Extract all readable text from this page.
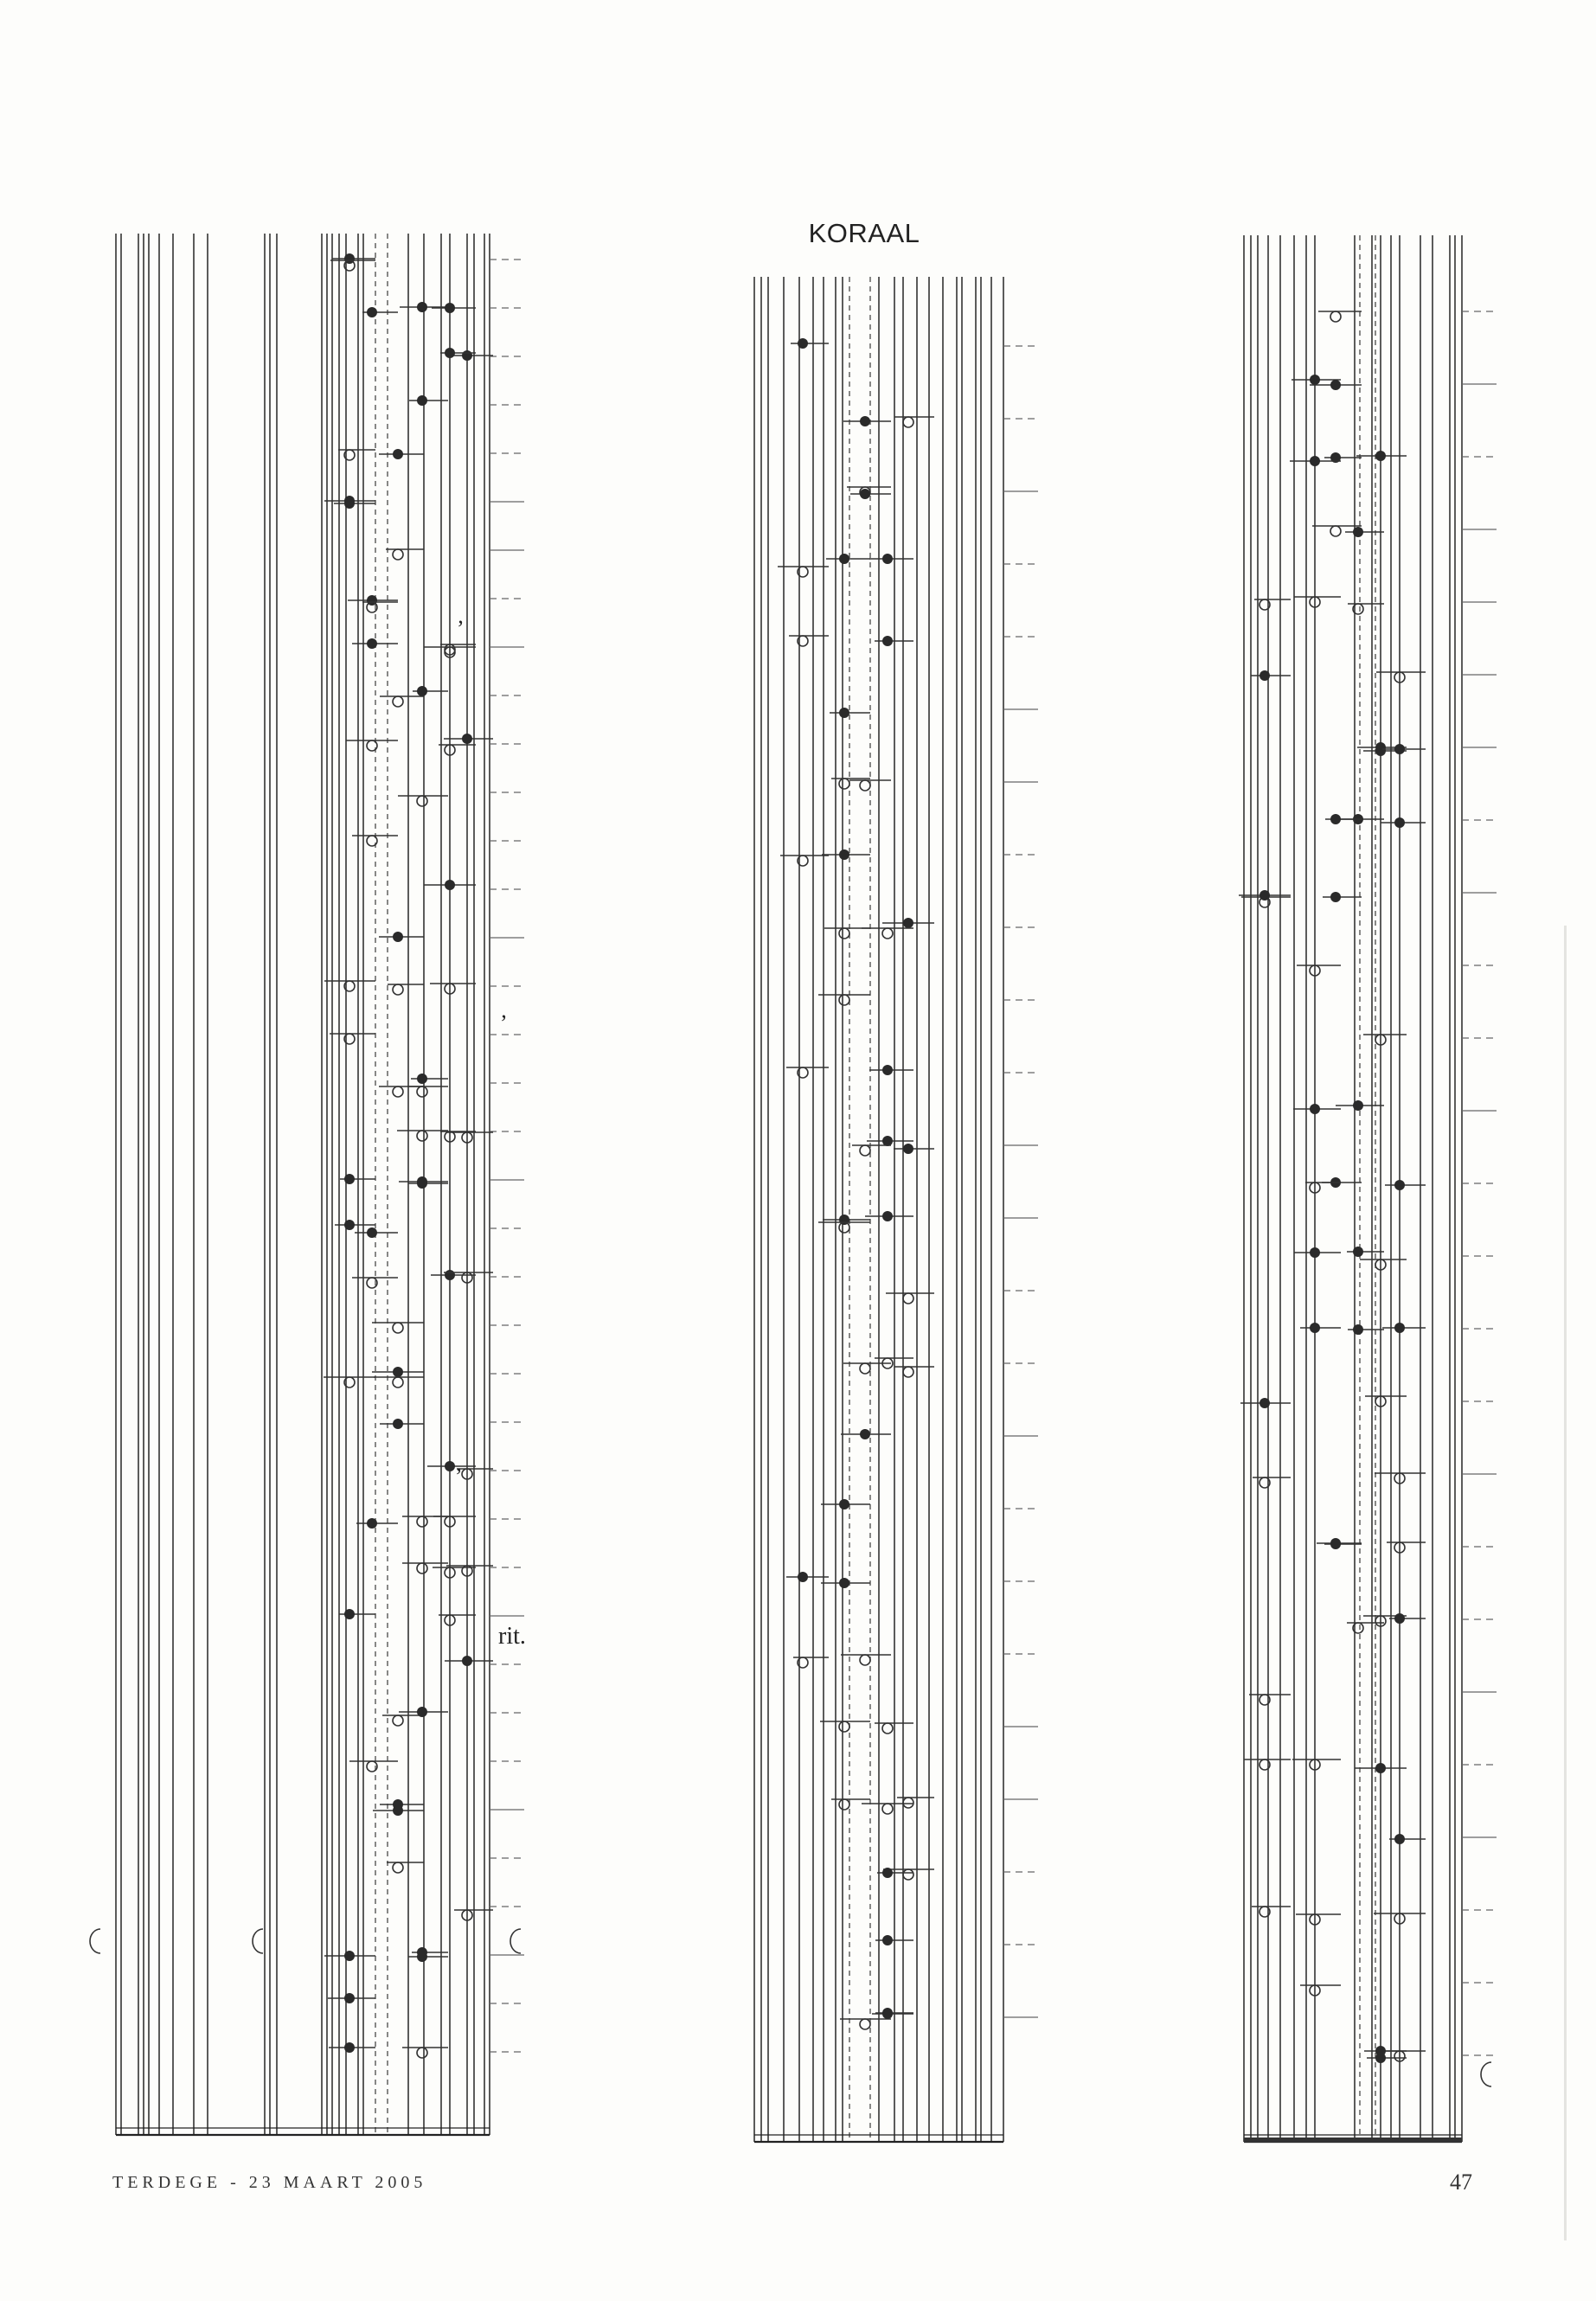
KORAAL
rit.
’
’
’
TERDEGE - 23 MAART 2005	47
